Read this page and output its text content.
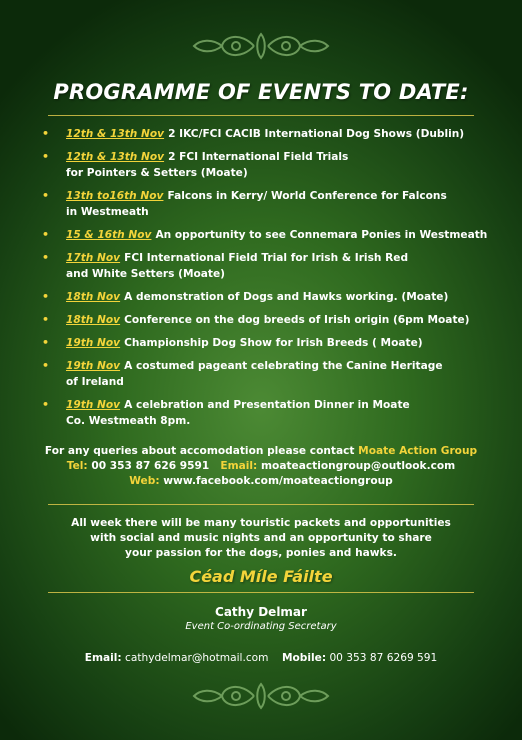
PROGRAMME OF EVENTS TO DATE:
• 12th & 13th Nov 2 IKC/FCI CACIB International Dog Shows (Dublin)
• 12th & 13th Nov 2 FCI International Field Trials
for Pointers & Setters (Moate)
• 13th to16th Nov Falcons in Kerry/ World Conference for Falcons
in Westmeath
• 15 & 16th Nov An opportunity to see Connemara Ponies in Westmeath
• 17th Nov FCI International Field Trial for Irish & Irish Red
and White Setters (Moate)
• 18th Nov A demonstration of Dogs and Hawks working. (Moate)
• 18th Nov Conference on the dog breeds of Irish origin (6pm Moate)
• 19th Nov Championship Dog Show for Irish Breeds ( Moate)
• 19th Nov A costumed pageant celebrating the Canine Heritage
of Ireland
• 19th Nov A celebration and Presentation Dinner in Moate
Co. Westmeath 8pm.
For any queries about accomodation please contact Moate Action Group
Tel: 00 353 87 626 9591 Email: moateactiongroup@outlook.com
Web: www.facebook.com/moateactiongroup
All week there will be many touristic packets and opportunities
with social and music nights and an opportunity to share
your passion for the dogs, ponies and hawks.
Céad Míle Fáilte
Cathy Delmar
Event Co-ordinating Secretary
Email: cathydelmar@hotmail.com Mobile: 00 353 87 6269 591
